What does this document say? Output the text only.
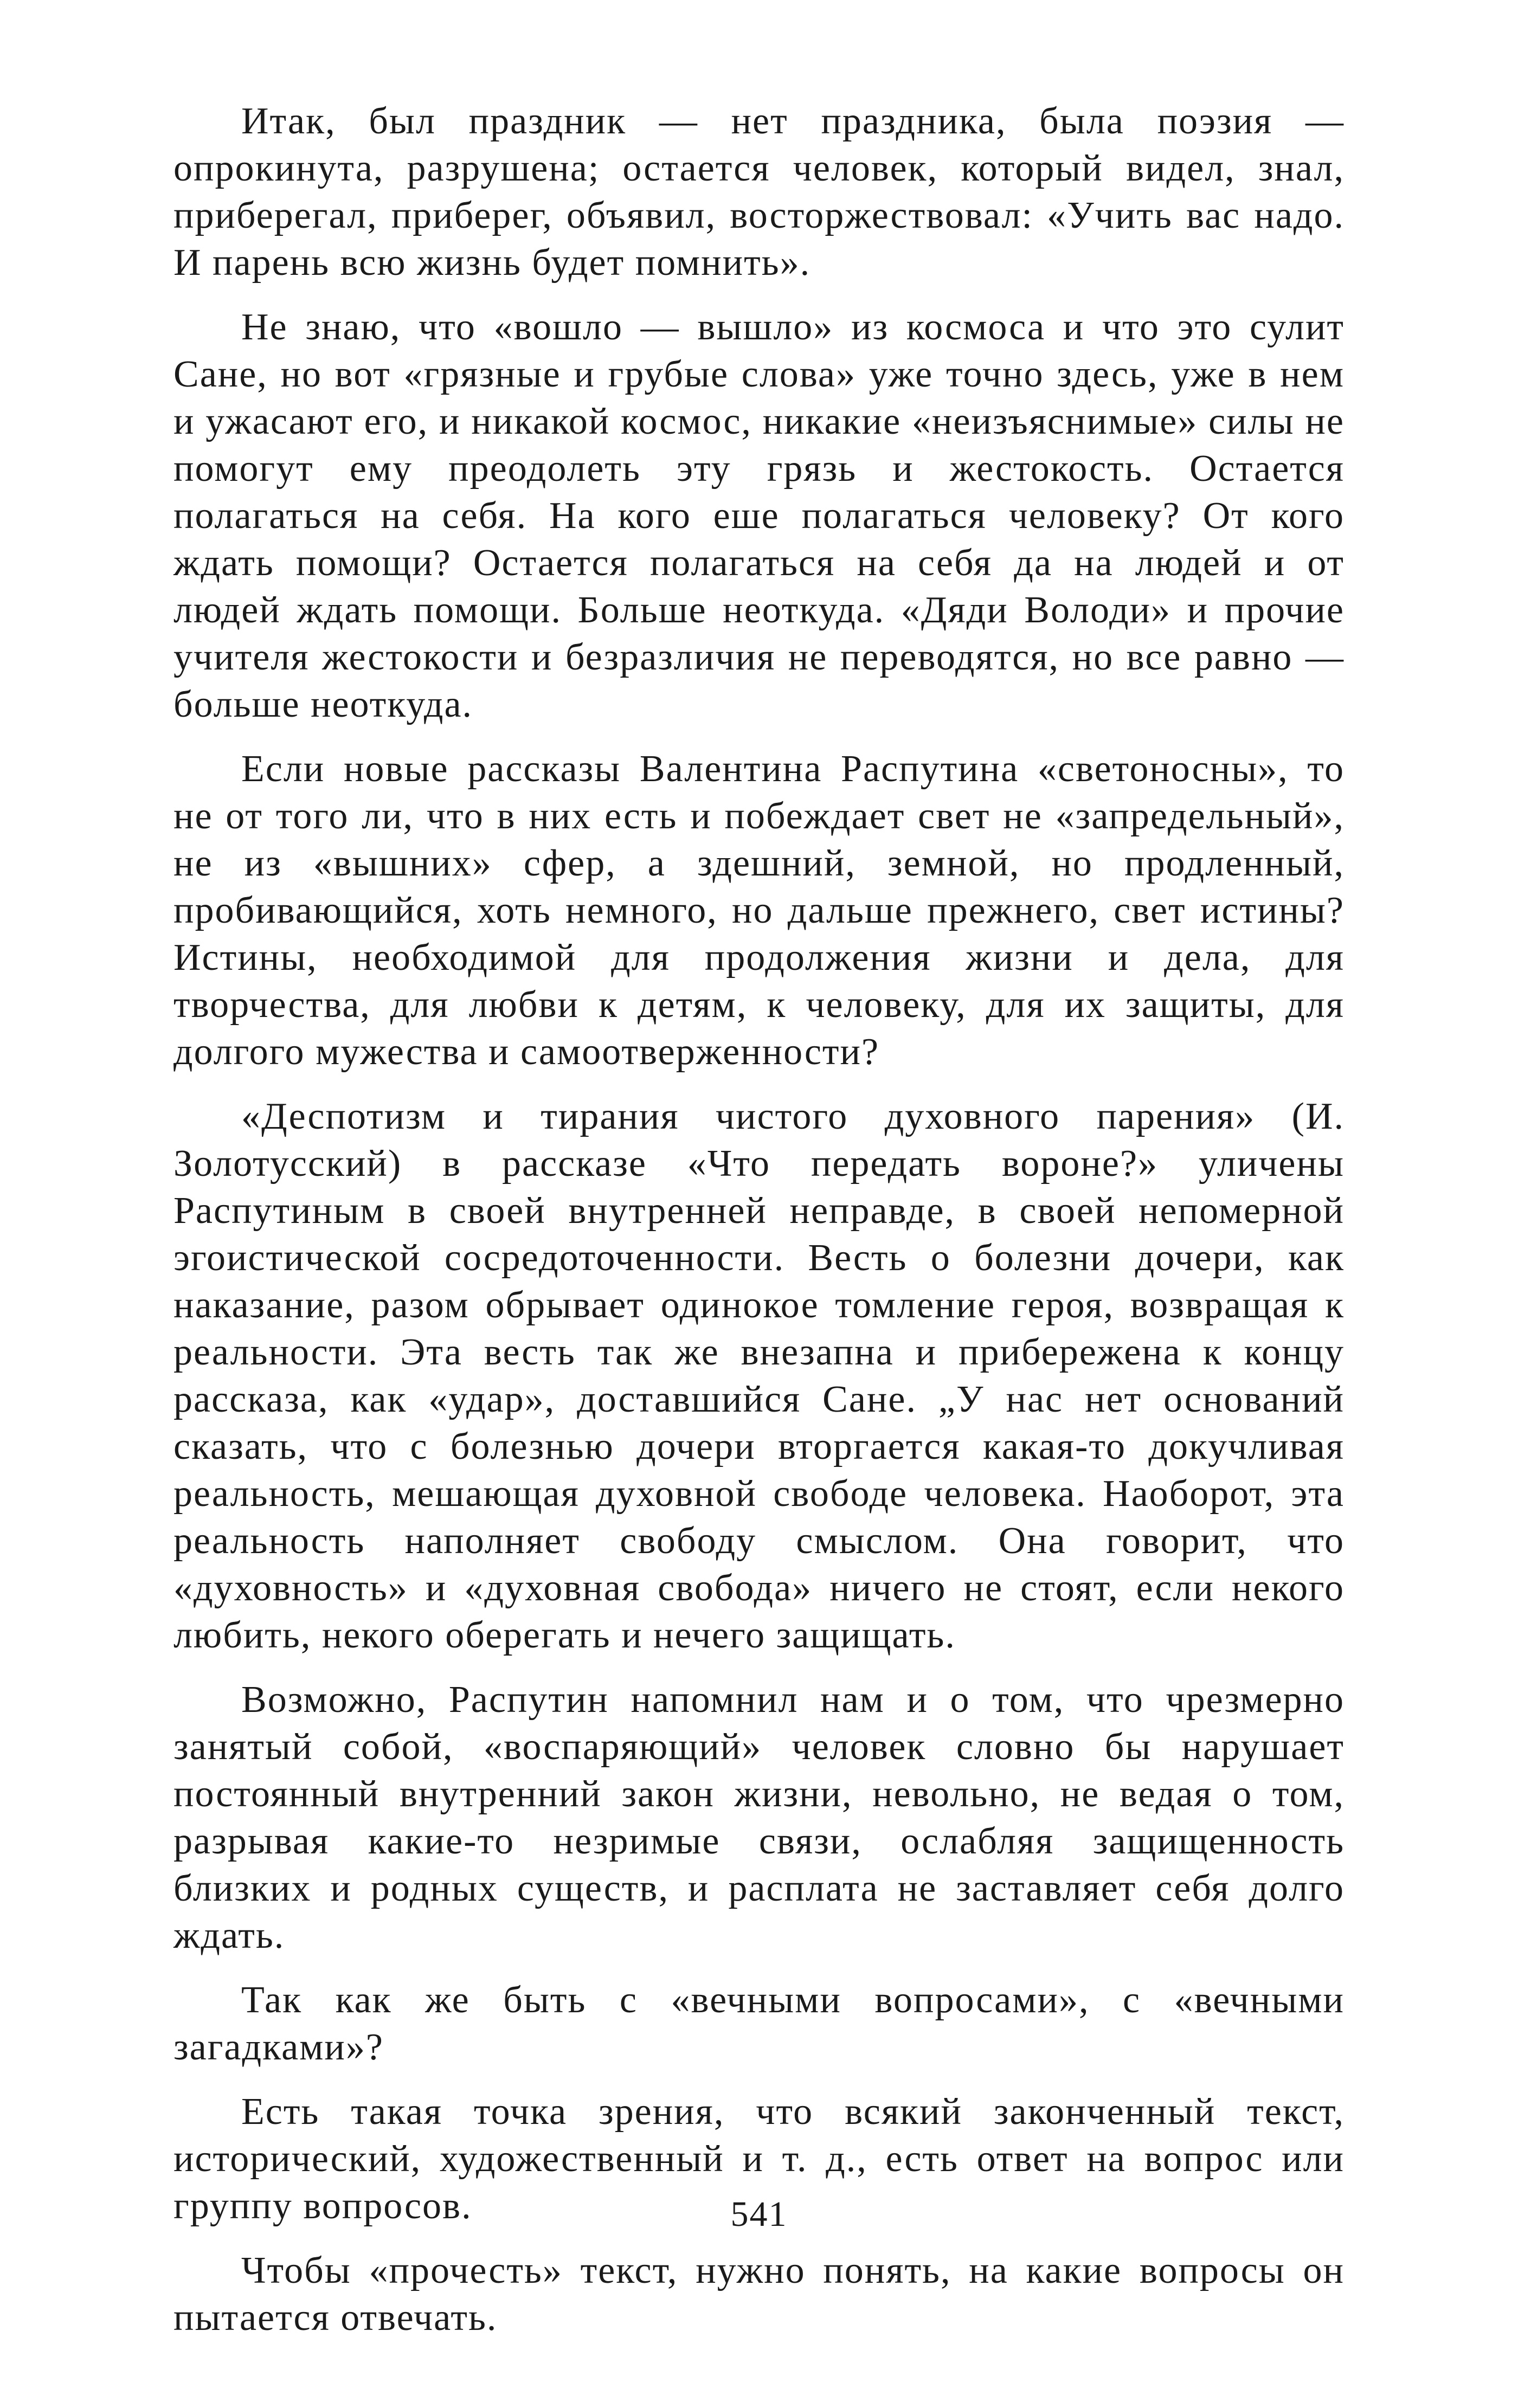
Итак, был праздник — нет праздника, была поэзия — опрокинута, разрушена; остается человек, который видел, знал, приберегал, приберег, объявил, восторжествовал: «Учить вас надо. И парень всю жизнь будет помнить».

Не знаю, что «вошло — вышло» из космоса и что это сулит Сане, но вот «грязные и грубые слова» уже точно здесь, уже в нем и ужасают его, и никакой космос, никакие «неизъяснимые» силы не помогут ему преодолеть эту грязь и жестокость. Остается полагаться на себя. На кого еше полагаться человеку? От кого ждать помощи? Остается полагаться на себя да на людей и от людей ждать помощи. Больше неоткуда. «Дяди Володи» и прочие учителя жестокости и безразличия не переводятся, но все равно — больше неоткуда.

Если новые рассказы Валентина Распутина «светоносны», то не от того ли, что в них есть и побеждает свет не «запредельный», не из «вышних» сфер, а здешний, земной, но продленный, пробивающийся, хоть немного, но дальше прежнего, свет истины? Истины, необходимой для продолжения жизни и дела, для творчества, для любви к детям, к человеку, для их защиты, для долгого мужества и самоотверженности?

«Деспотизм и тирания чистого духовного парения» (И. Золотусский) в рассказе «Что передать вороне?» уличены Распутиным в своей внутренней неправде, в своей непомерной эгоистической сосредоточенности. Весть о болезни дочери, как наказание, разом обрывает одинокое томление героя, возвращая к реальности. Эта весть так же внезапна и прибережена к концу рассказа, как «удар», доставшийся Сане. „У нас нет оснований сказать, что с болезнью дочери вторгается какая-то докучливая реальность, мешающая духовной свободе человека. Наоборот, эта реальность наполняет свободу смыслом. Она говорит, что «духовность» и «духовная свобода» ничего не стоят, если некого любить, некого оберегать и нечего защищать.

Возможно, Распутин напомнил нам и о том, что чрезмерно занятый собой, «воспаряющий» человек словно бы нарушает постоянный внутренний закон жизни, невольно, не ведая о том, разрывая какие-то незримые связи, ослабляя защищенность близких и родных существ, и расплата не заставляет себя долго ждать.

Так как же быть с «вечными вопросами», с «вечными загадками»?

Есть такая точка зрения, что всякий законченный текст, исторический, художественный и т. д., есть ответ на вопрос или группу вопросов.

Чтобы «прочесть» текст, нужно понять, на какие вопросы он пытается отвечать.

541
